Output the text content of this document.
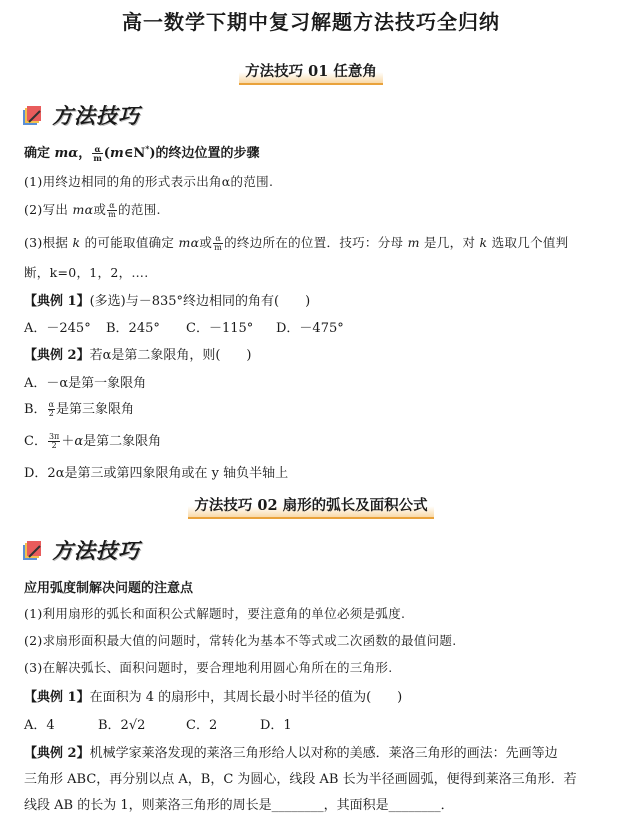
高一数学下期中复习解题方法技巧全归纳
方法技巧 01 任意角
方法技巧
确定 mα， $\frac{\alpha}{m}$ (m∈N*)的终边位置的步骤
(1)用终边相同的角的形式表示出角α的范围.
(2)写出 mα或 $\frac{\alpha}{m}$ 的范围.
(3)根据 k 的可能取值确定 mα或 $\frac{\alpha}{m}$ 的终边所在的位置．技巧：分母 m 是几，对 k 选取几个值判
断，k=0，1，2，….
【典例 1】(多选)与－835°终边相同的角有(　　)
A．－245° B．245° C．－115° D．－475°
【典例 2】若α是第二象限角，则(　　)
A．－α是第一象限角
B． $\frac{\alpha}{2}$ 是第三象限角
C． $\frac{3\pi}{2} +\alpha$是第二象限角
D．2α是第三或第四象限角或在 y 轴负半轴上
方法技巧 02 扇形的弧长及面积公式
方法技巧
应用弧度制解决问题的注意点
(1)利用扇形的弧长和面积公式解题时，要注意角的单位必须是弧度.
(2)求扇形面积最大值的问题时，常转化为基本不等式或二次函数的最值问题.
(3)在解决弧长、面积问题时，要合理地利用圆心角所在的三角形.
【典例 1】在面积为 4 的扇形中，其周长最小时半径的值为(　　)
A．4	B．2√2	C．2	D．1
【典例 2】机械学家莱洛发现的莱洛三角形给人以对称的美感．莱洛三角形的画法：先画等边
三角形 ABC，再分别以点 A，B，C 为圆心，线段 AB 长为半径画圆弧，便得到莱洛三角形．若
线段 AB 的长为 1，则莱洛三角形的周长是________，其面积是________．
